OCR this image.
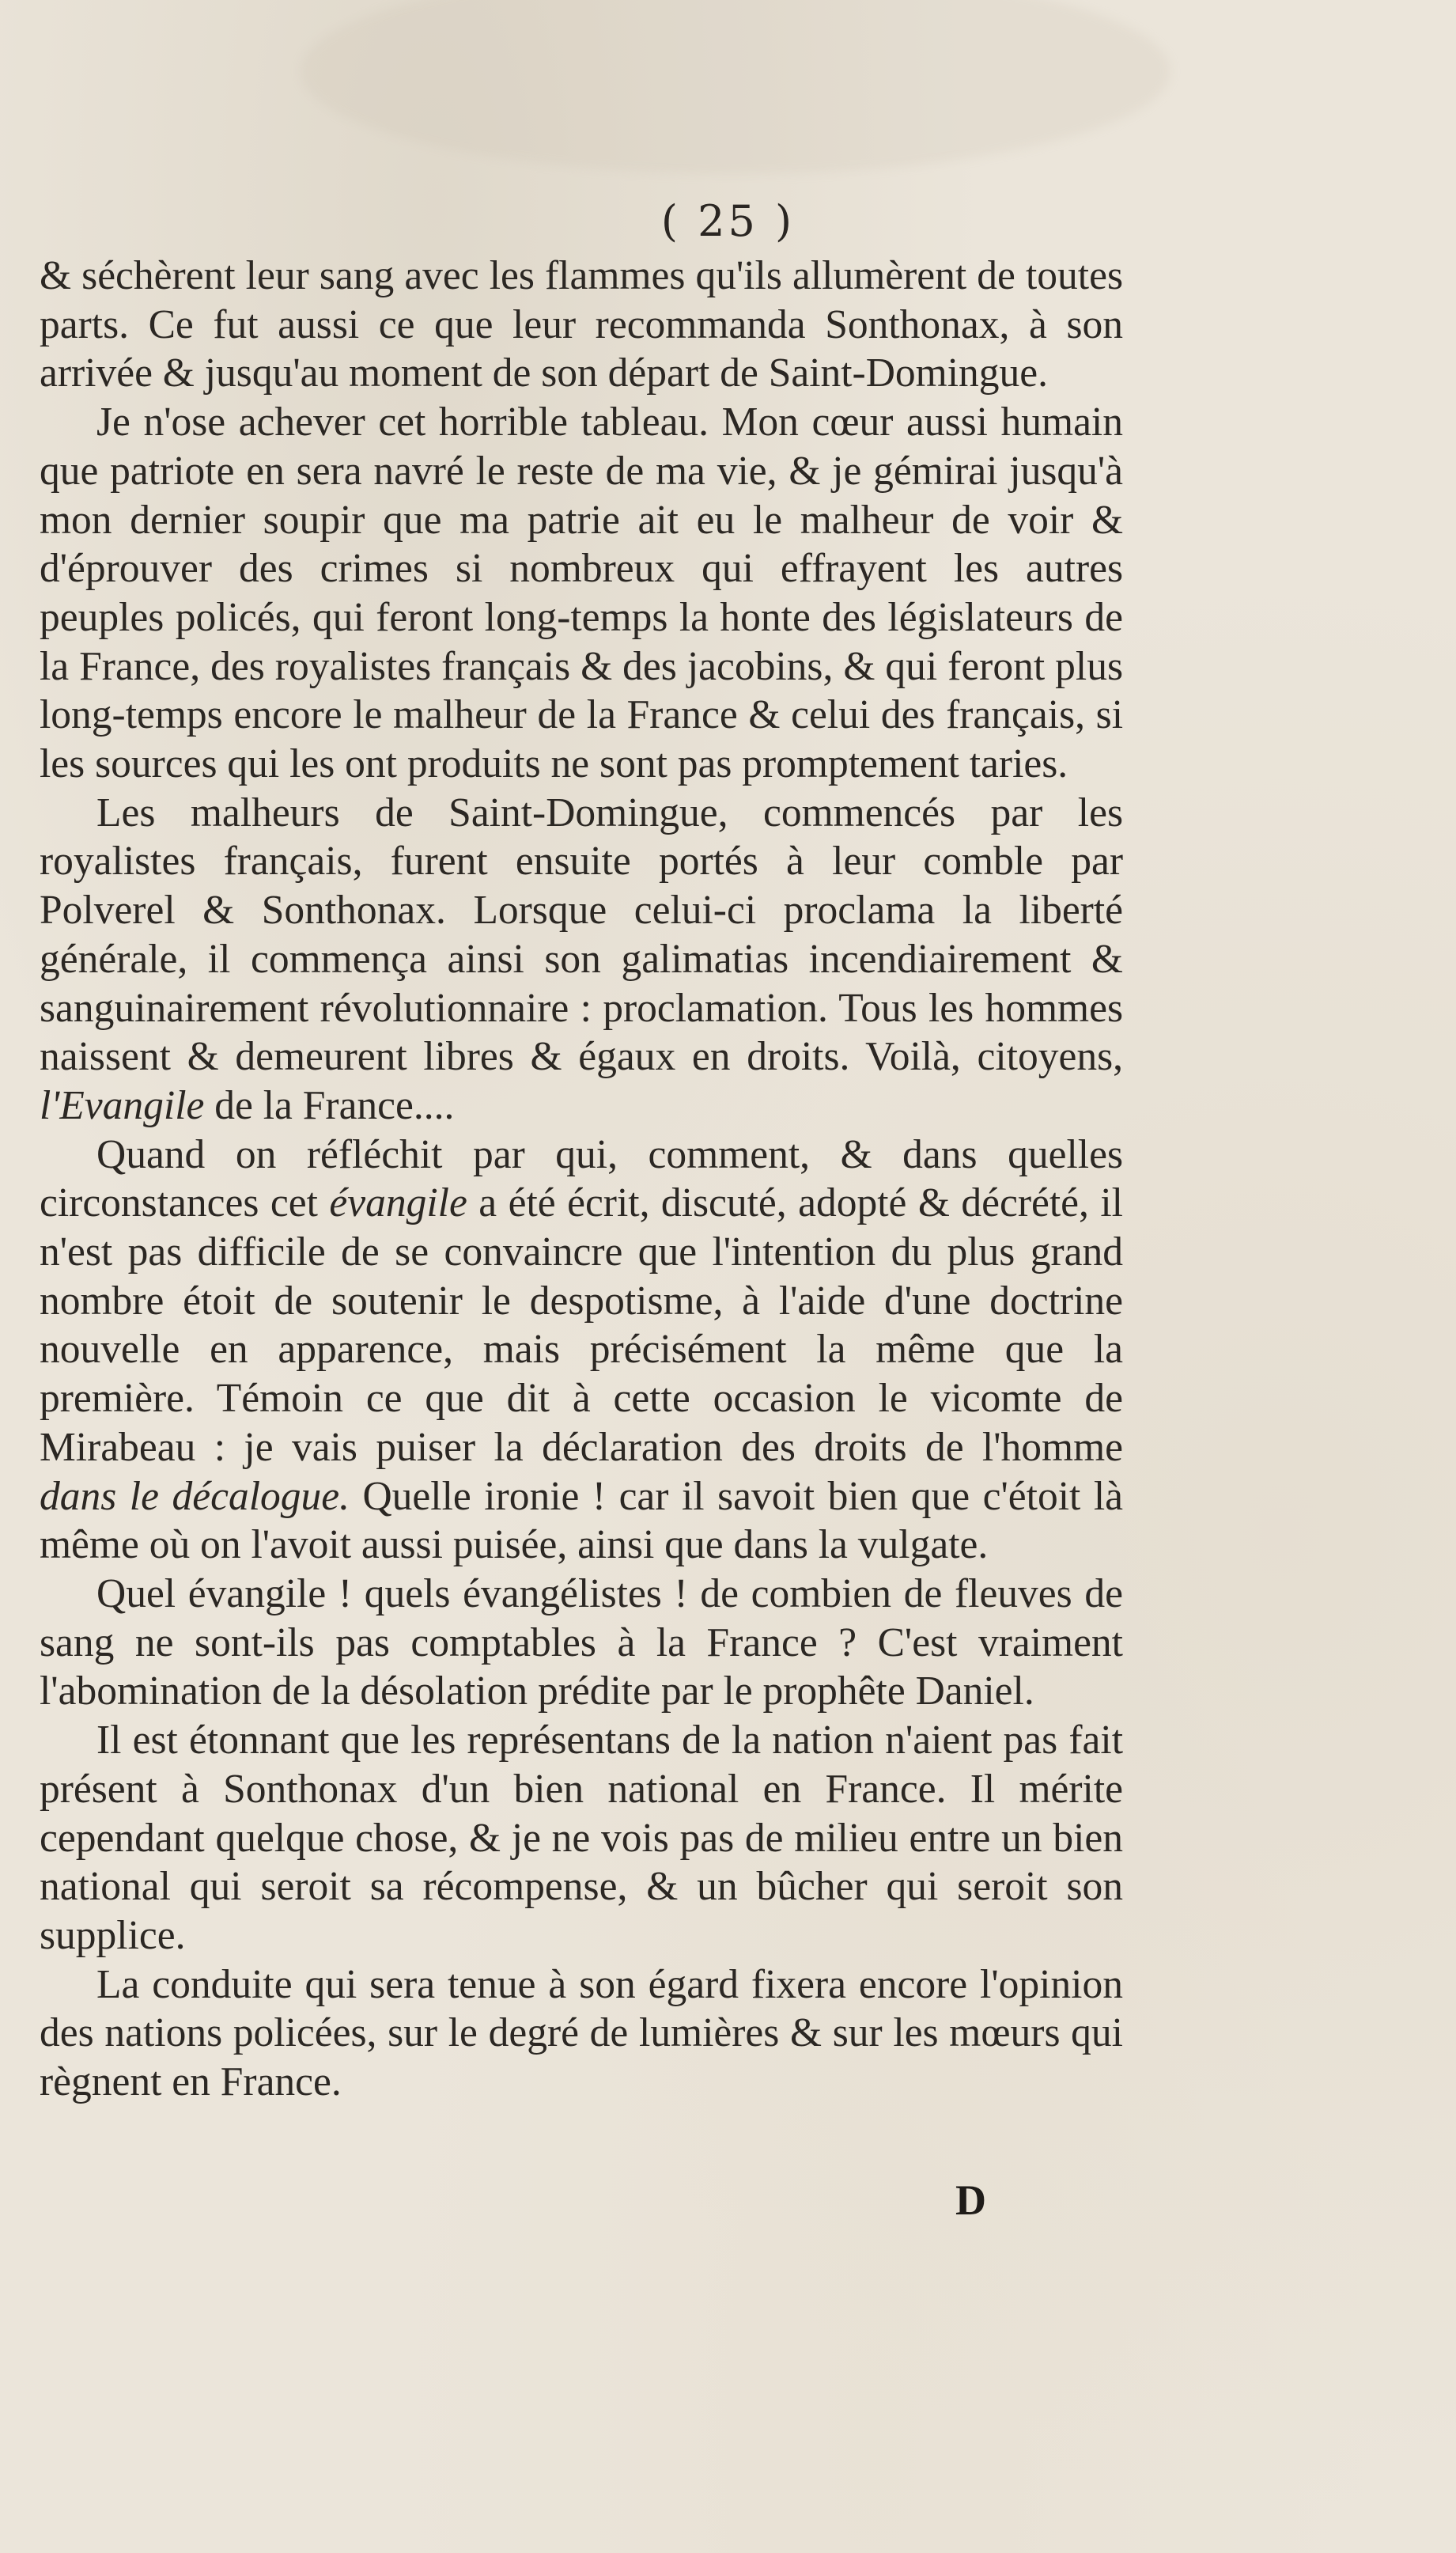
( 25 )

& séchèrent leur sang avec les flammes qu'ils allumèrent de toutes parts. Ce fut aussi ce que leur recommanda Sonthonax, à son arrivée & jusqu'au moment de son départ de Saint-Domingue.

Je n'ose achever cet horrible tableau. Mon cœur aussi humain que patriote en sera navré le reste de ma vie, & je gémirai jusqu'à mon dernier soupir que ma patrie ait eu le malheur de voir & d'éprouver des crimes si nombreux qui effrayent les autres peuples policés, qui feront long-temps la honte des législateurs de la France, des royalistes français & des jacobins, & qui feront plus long-temps encore le malheur de la France & celui des français, si les sources qui les ont produits ne sont pas promptement taries.

Les malheurs de Saint-Domingue, commencés par les royalistes français, furent ensuite portés à leur comble par Polverel & Sonthonax. Lorsque celui-ci proclama la liberté générale, il commença ainsi son galimatias incendiairement & sanguinairement révolutionnaire : proclamation. Tous les hommes naissent & demeurent libres & égaux en droits. Voilà, citoyens, l'Evangile de la France....

Quand on réfléchit par qui, comment, & dans quelles circonstances cet évangile a été écrit, discuté, adopté & décrété, il n'est pas difficile de se convaincre que l'intention du plus grand nombre étoit de soutenir le despotisme, à l'aide d'une doctrine nouvelle en apparence, mais précisément la même que la première. Témoin ce que dit à cette occasion le vicomte de Mirabeau : je vais puiser la déclaration des droits de l'homme dans le décalogue. Quelle ironie ! car il savoit bien que c'étoit là même où on l'avoit aussi puisée, ainsi que dans la vulgate.

Quel évangile ! quels évangélistes ! de combien de fleuves de sang ne sont-ils pas comptables à la France ? C'est vraiment l'abomination de la désolation prédite par le prophête Daniel.

Il est étonnant que les représentans de la nation n'aient pas fait présent à Sonthonax d'un bien national en France. Il mérite cependant quelque chose, & je ne vois pas de milieu entre un bien national qui seroit sa récompense, & un bûcher qui seroit son supplice.

La conduite qui sera tenue à son égard fixera encore l'opinion des nations policées, sur le degré de lumières & sur les mœurs qui règnent en France.

D
